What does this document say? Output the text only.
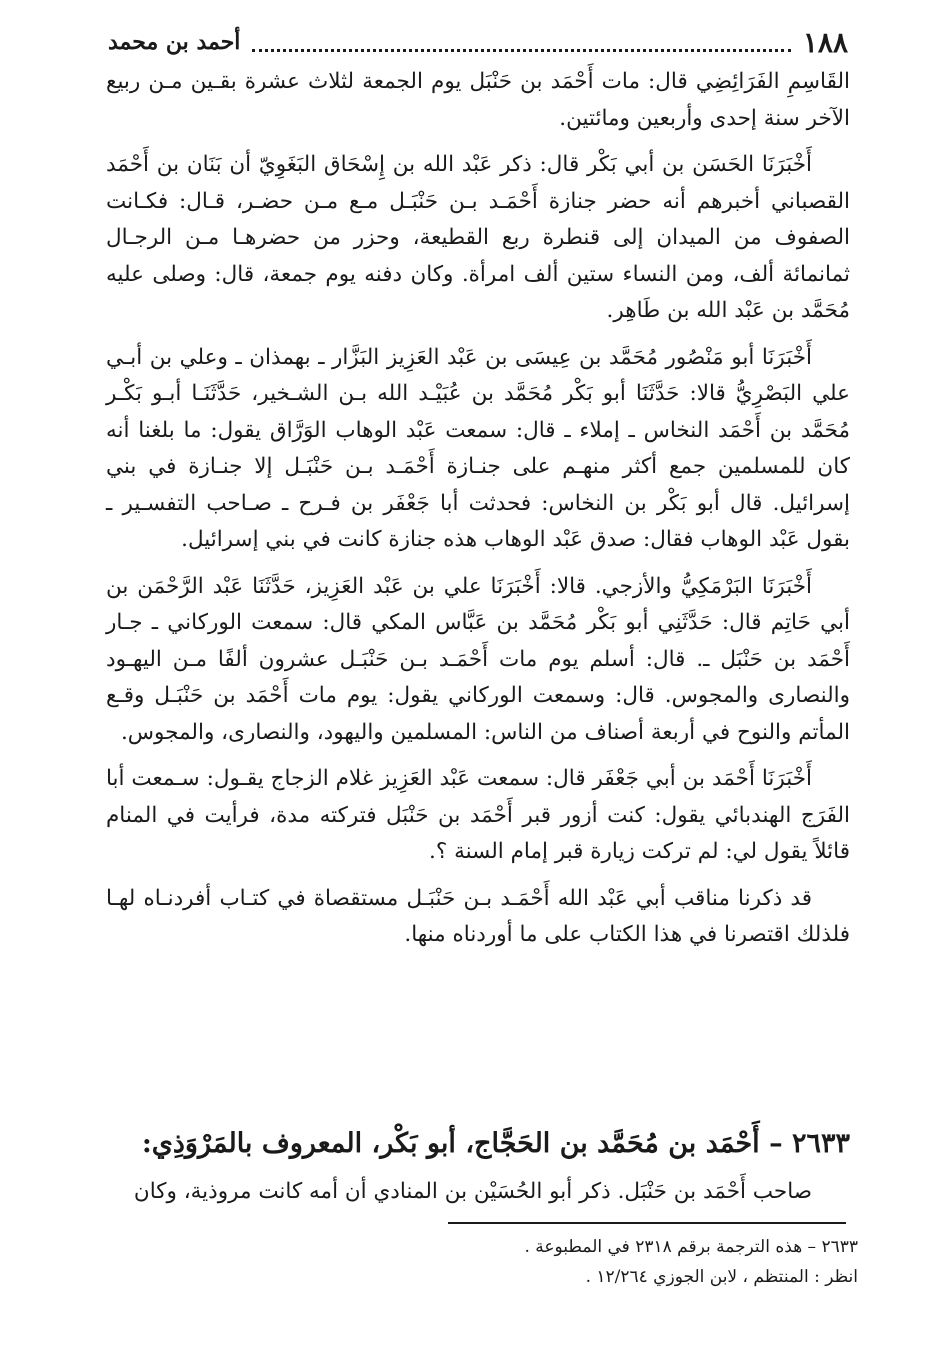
١٨٨
أحمد بن محمد

القَاسِمِ الفَرَائِضِي قال: مات أَحْمَد بن حَنْبَل يوم الجمعة لثلاث عشرة بقـين مـن ربيع الآخر سنة إحدى وأربعين ومائتين.

أَخْبَرَنَا الحَسَن بن أبي بَكْر قال: ذكر عَبْد الله بن إِسْحَاق البَغَوِيّ أن بَنَان بن أَحْمَد القصباني أخبرهم أنه حضر جنازة أَحْمَـد بـن حَنْبَـل مـع مـن حضـر، قـال: فكـانت الصفوف من الميدان إلى قنطرة ربع القطيعة، وحزر من حضرهـا مـن الرجـال ثمانمائة ألف، ومن النساء ستين ألف امرأة. وكان دفنه يوم جمعة، قال: وصلى عليه مُحَمَّد بن عَبْد الله بن طَاهِر.

أَخْبَرَنَا أبو مَنْصُور مُحَمَّد بن عِيسَى بن عَبْد العَزِيز البَزَّار ـ بهمذان ـ وعلي بن أبـي علي البَصْرِيُّ قالا: حَدَّثَنَا أبو بَكْر مُحَمَّد بن عُبَيْـد الله بـن الشـخير، حَدَّثَنَـا أبـو بَكْـر مُحَمَّد بن أَحْمَد النخاس ـ إملاء ـ قال: سمعت عَبْد الوهاب الوَرَّاق يقول: ما بلغنا أنه كان للمسلمين جمع أكثر منهـم على جنـازة أَحْمَـد بـن حَنْبَـل إلا جنـازة في بني إسرائيل. قال أبو بَكْر بن النخاس: فحدثت أبا جَعْفَر بن فـرح ـ صـاحب التفسـير ـ بقول عَبْد الوهاب فقال: صدق عَبْد الوهاب هذه جنازة كانت في بني إسرائيل.

أَخْبَرَنَا البَرْمَكِيُّ والأزجي. قالا: أَخْبَرَنَا علي بن عَبْد العَزِيز، حَدَّثَنَا عَبْد الرَّحْمَن بن أبي حَاتِم قال: حَدَّثَنِي أبو بَكْر مُحَمَّد بن عَبَّاس المكي قال: سمعت الوركاني ـ جـار أَحْمَد بن حَنْبَل ـ. قال: أسلم يوم مات أَحْمَـد بـن حَنْبَـل عشرون ألفًا مـن اليهـود والنصارى والمجوس. قال: وسمعت الوركاني يقول: يوم مات أَحْمَد بن حَنْبَـل وقـع المأتم والنوح في أربعة أصناف من الناس: المسلمين واليهود، والنصارى، والمجوس.

أَخْبَرَنَا أَحْمَد بن أبي جَعْفَر قال: سمعت عَبْد العَزِيز غلام الزجاج يقـول: سـمعت أبا الفَرَج الهندبائي يقول: كنت أزور قبر أَحْمَد بن حَنْبَل فتركته مدة، فرأيت في المنام قائلاً يقول لي: لم تركت زيارة قبر إمام السنة ؟.

قد ذكرنا مناقب أبي عَبْد الله أَحْمَـد بـن حَنْبَـل مستقصاة في كتـاب أفردنـاه لهـا فلذلك اقتصرنا في هذا الكتاب على ما أوردناه منها.

٢٦٣٣ – أَحْمَد بن مُحَمَّد بن الحَجَّاج، أبو بَكْر، المعروف بالمَرْوَذِي:

صاحب أَحْمَد بن حَنْبَل. ذكر أبو الحُسَيْن بن المنادي أن أمه كانت مروذية، وكان

٢٦٣٣ – هذه الترجمة برقم ٢٣١٨ في المطبوعة .
انظر : المنتظم ، لابن الجوزي ١٢/٢٦٤ .
